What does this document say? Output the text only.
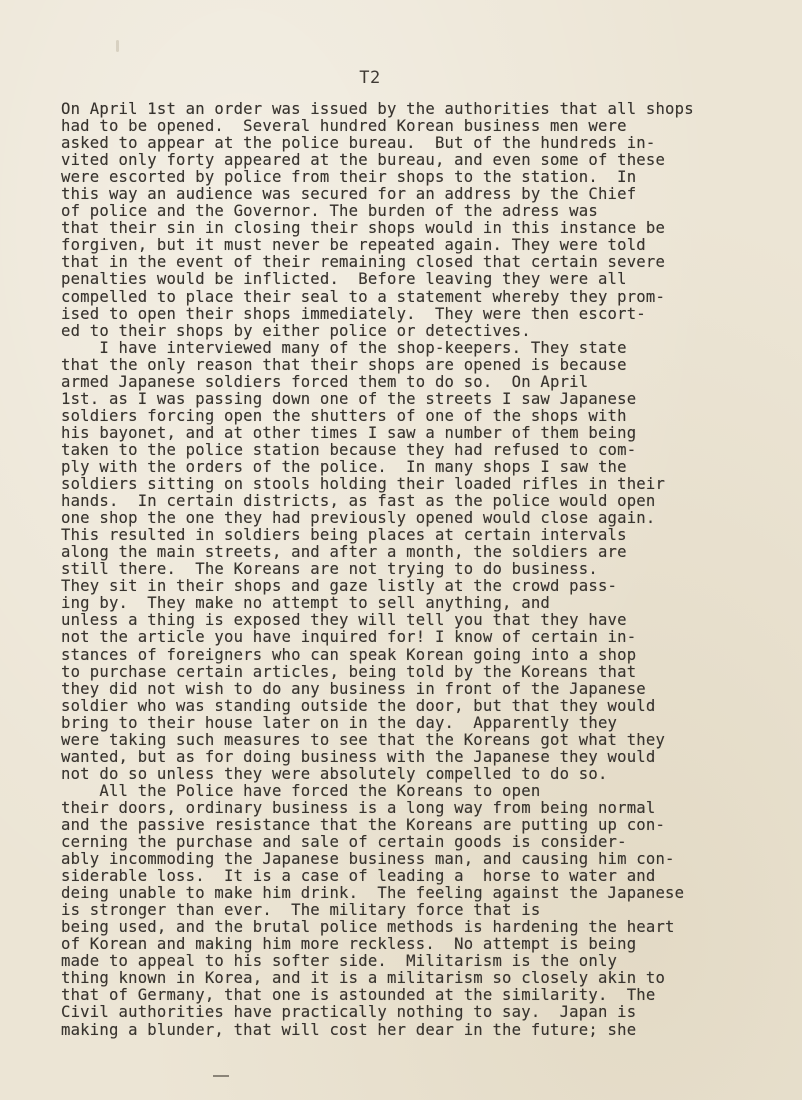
T2
On April 1st an order was issued by the authorities that all shops
had to be opened.  Several hundred Korean business men were
asked to appear at the police bureau.  But of the hundreds in-
vited only forty appeared at the bureau, and even some of these
were escorted by police from their shops to the station.  In
this way an audience was secured for an address by the Chief
of police and the Governor. The burden of the adress was
that their sin in closing their shops would in this instance be
forgiven, but it must never be repeated again. They were told
that in the event of their remaining closed that certain severe
penalties would be inflicted.  Before leaving they were all
compelled to place their seal to a statement whereby they prom-
ised to open their shops immediately.  They were then escort-
ed to their shops by either police or detectives.
I have interviewed many of the shop-keepers. They state
that the only reason that their shops are opened is because
armed Japanese soldiers forced them to do so.  On April
1st. as I was passing down one of the streets I saw Japanese
soldiers forcing open the shutters of one of the shops with
his bayonet, and at other times I saw a number of them being
taken to the police station because they had refused to com-
ply with the orders of the police.  In many shops I saw the
soldiers sitting on stools holding their loaded rifles in their
hands.  In certain districts, as fast as the police would open
one shop the one they had previously opened would close again.
This resulted in soldiers being places at certain intervals
along the main streets, and after a month, the soldiers are
still there.  The Koreans are not trying to do business.
They sit in their shops and gaze listly at the crowd pass-
ing by.  They make no attempt to sell anything, and
unless a thing is exposed they will tell you that they have
not the article you have inquired for! I know of certain in-
stances of foreigners who can speak Korean going into a shop
to purchase certain articles, being told by the Koreans that
they did not wish to do any business in front of the Japanese
soldier who was standing outside the door, but that they would
bring to their house later on in the day.  Apparently they
were taking such measures to see that the Koreans got what they
wanted, but as for doing business with the Japanese they would
not do so unless they were absolutely compelled to do so.
All the Police have forced the Koreans to open
their doors, ordinary business is a long way from being normal
and the passive resistance that the Koreans are putting up con-
cerning the purchase and sale of certain goods is consider-
ably incommoding the Japanese business man, and causing him con-
siderable loss.  It is a case of leading a  horse to water and
deing unable to make him drink.  The feeling against the Japanese
is stronger than ever.  The military force that is
being used, and the brutal police methods is hardening the heart
of Korean and making him more reckless.  No attempt is being
made to appeal to his softer side.  Militarism is the only
thing known in Korea, and it is a militarism so closely akin to
that of Germany, that one is astounded at the similarity.  The
Civil authorities have practically nothing to say.  Japan is
making a blunder, that will cost her dear in the future; she
